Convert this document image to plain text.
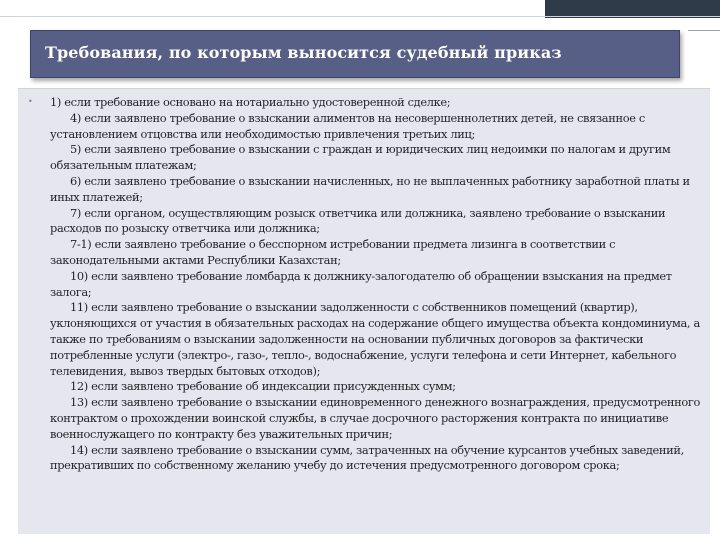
Требования, по которым выносится судебный приказ
• 1) если требование основано на нотариально удостоверенной сделке;

4) если заявлено требование о взыскании алиментов на несовершеннолетних детей, не связанное с установлением отцовства или необходимостью привлечения третьих лиц;

5) если заявлено требование о взыскании с граждан и юридических лиц недоимки по налогам и другим обязательным платежам;

6) если заявлено требование о взыскании начисленных, но не выплаченных работнику заработной платы и иных платежей;

7) если органом, осуществляющим розыск ответчика или должника, заявлено требование о взыскании расходов по розыску ответчика или должника;

7-1) если заявлено требование о бесспорном истребовании предмета лизинга в соответствии с законодательными актами Республики Казахстан;

10) если заявлено требование ломбарда к должнику-залогодателю об обращении взыскания на предмет залога;

11) если заявлено требование о взыскании задолженности с собственников помещений (квартир), уклоняющихся от участия в обязательных расходах на содержание общего имущества объекта кондоминиума, а также по требованиям о взыскании задолженности на основании публичных договоров за фактически потребленные услуги (электро-, газо-, тепло-, водоснабжение, услуги телефона и сети Интернет, кабельного телевидения, вывоз твердых бытовых отходов);

12) если заявлено требование об индексации присужденных сумм;

13) если заявлено требование о взыскании единовременного денежного вознаграждения, предусмотренного контрактом о прохождении воинской службы, в случае досрочного расторжения контракта по инициативе военнослужащего по контракту без уважительных причин;

14) если заявлено требование о взыскании сумм, затраченных на обучение курсантов учебных заведений, прекративших по собственному желанию учебу до истечения предусмотренного договором срока;
